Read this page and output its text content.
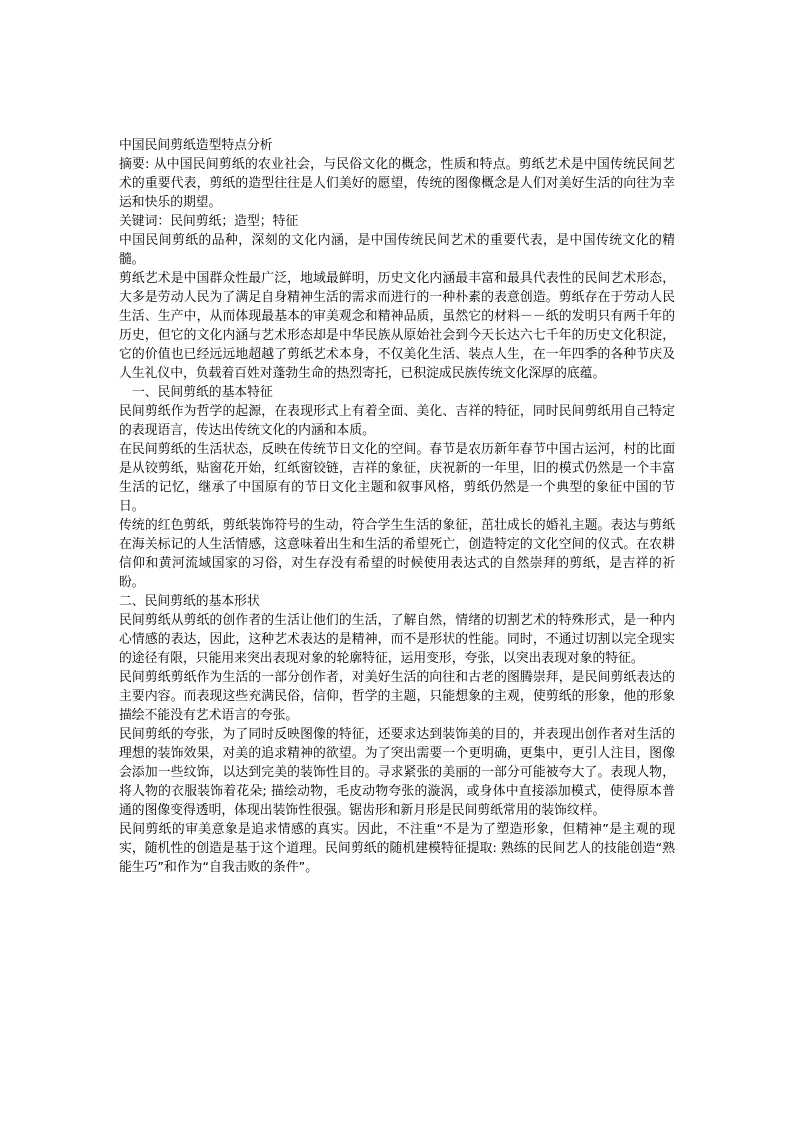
中国民间剪纸造型特点分析

摘要: 从中国民间剪纸的农业社会，与民俗文化的概念，性质和特点。剪纸艺术是中国传统民间艺术的重要代表，剪纸的造型往往是人们美好的愿望，传统的图像概念是人们对美好生活的向往为幸运和快乐的期望。

关键词：民间剪纸；造型；特征

中国民间剪纸的品种，深刻的文化内涵，是中国传统民间艺术的重要代表，是中国传统文化的精髓。

剪纸艺术是中国群众性最广泛，地域最鲜明，历史文化内涵最丰富和最具代表性的民间艺术形态，大多是劳动人民为了满足自身精神生活的需求而进行的一种朴素的表意创造。剪纸存在于劳动人民生活、生产中，从而体现最基本的审美观念和精神品质，虽然它的材料－－纸的发明只有两千年的历史，但它的文化内涵与艺术形态却是中华民族从原始社会到今天长达六七千年的历史文化积淀，它的价值也已经远远地超越了剪纸艺术本身，不仅美化生活、装点人生，在一年四季的各种节庆及人生礼仪中，负载着百姓对蓬勃生命的热烈寄托，已积淀成民族传统文化深厚的底蕴。

一、民间剪纸的基本特征

民间剪纸作为哲学的起源，在表现形式上有着全面、美化、吉祥的特征，同时民间剪纸用自己特定的表现语言，传达出传统文化的内涵和本质。

在民间剪纸的生活状态，反映在传统节日文化的空间。春节是农历新年春节中国古运河，村的比面是从铰剪纸，贴窗花开始，红纸窗铰链，吉祥的象征，庆祝新的一年里，旧的模式仍然是一个丰富生活的记忆，继承了中国原有的节日文化主题和叙事风格，剪纸仍然是一个典型的象征中国的节日。

传统的红色剪纸，剪纸装饰符号的生动，符合学生生活的象征，茁壮成长的婚礼主题。表达与剪纸在海关标记的人生活情感，这意味着出生和生活的希望死亡，创造特定的文化空间的仪式。在农耕信仰和黄河流域国家的习俗，对生存没有希望的时候使用表达式的自然崇拜的剪纸，是吉祥的祈盼。

二、民间剪纸的基本形状

民间剪纸从剪纸的创作者的生活让他们的生活，了解自然，情绪的切割艺术的特殊形式，是一种内心情感的表达，因此，这种艺术表达的是精神，而不是形状的性能。同时，不通过切割以完全现实的途径有限，只能用来突出表现对象的轮廓特征，运用变形，夸张，以突出表现对象的特征。

民间剪纸剪纸作为生活的一部分创作者，对美好生活的向往和古老的图腾崇拜，是民间剪纸表达的主要内容。而表现这些充满民俗，信仰，哲学的主题，只能想象的主观，使剪纸的形象，他的形象描绘不能没有艺术语言的夸张。

民间剪纸的夸张，为了同时反映图像的特征，还要求达到装饰美的目的，并表现出创作者对生活的理想的装饰效果，对美的追求精神的欲望。为了突出需要一个更明确，更集中，更引人注目，图像会添加一些纹饰，以达到完美的装饰性目的。寻求紧张的美丽的一部分可能被夸大了。表现人物，将人物的衣服装饰着花朵; 描绘动物，毛皮动物夸张的漩涡，或身体中直接添加模式，使得原本普通的图像变得透明，体现出装饰性很强。锯齿形和新月形是民间剪纸常用的装饰纹样。

民间剪纸的审美意象是追求情感的真实。因此，不注重“不是为了塑造形象，但精神”是主观的现实，随机性的创造是基于这个道理。民间剪纸的随机建模特征提取: 熟练的民间艺人的技能创造“熟能生巧”和作为“自我击败的条件”。
